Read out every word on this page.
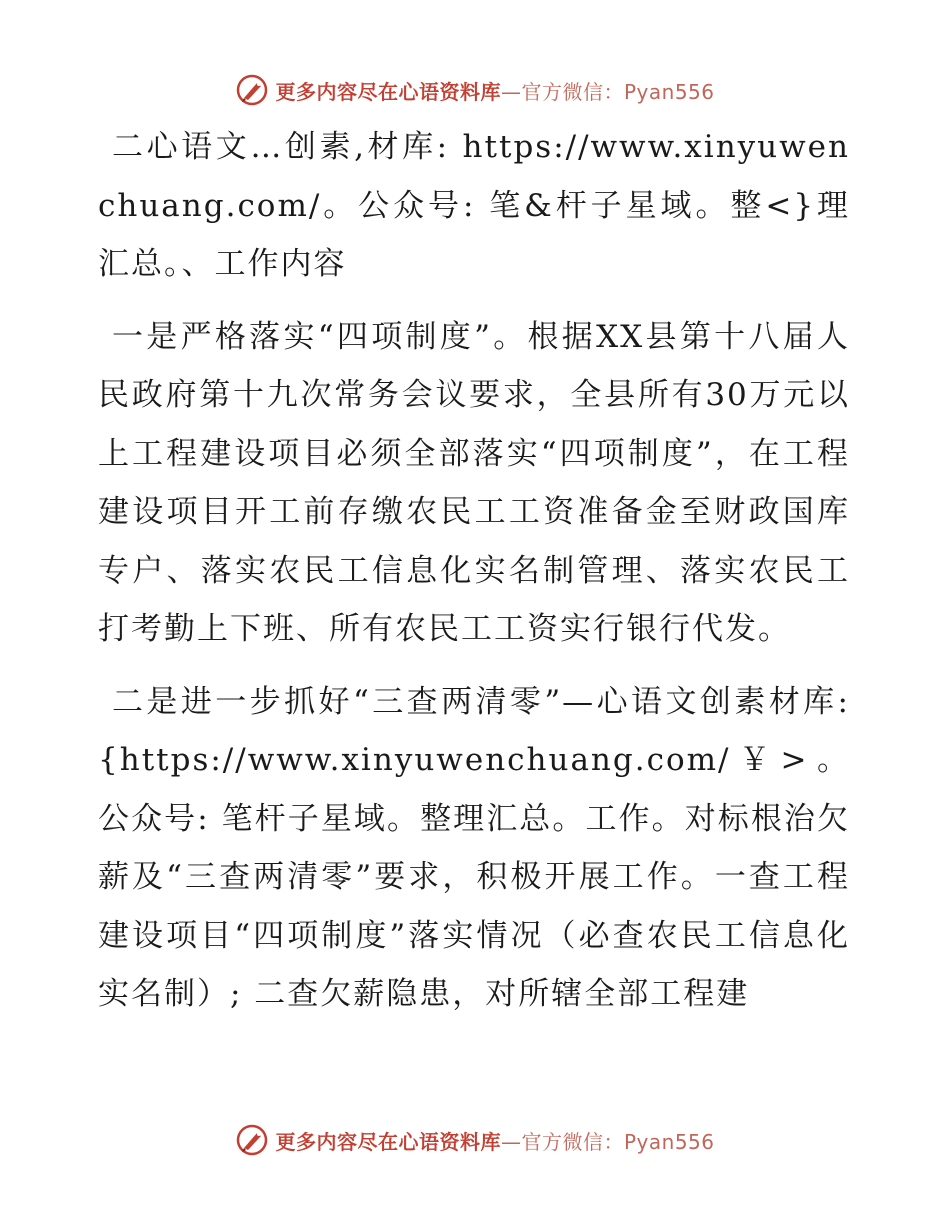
更多内容尽在心语资料库—官方微信：Pyan556

二心语文…创素,材库: https://www.xinyuwenchuang.com/。公众号: 笔&杆子星域。整<}理汇总。、工作内容

一是严格落实“四项制度”。根据XX县第十八届人民政府第十九次常务会议要求，全县所有30万元以上工程建设项目必须全部落实“四项制度”，在工程建设项目开工前存缴农民工工资准备金至财政国库专户、落实农民工信息化实名制管理、落实农民工打考勤上下班、所有农民工工资实行银行代发。

二是进一步抓好“三查两清零”—心语文创素材库: {https://www.xinyuwenchuang.com/￥>。公众号: 笔杆子星域。整理汇总。工作。对标根治欠薪及“三查两清零”要求，积极开展工作。一查工程建设项目“四项制度”落实情况（必查农民工信息化实名制）; 二查欠薪隐患，对所辖全部工程建

更多内容尽在心语资料库—官方微信：Pyan556
